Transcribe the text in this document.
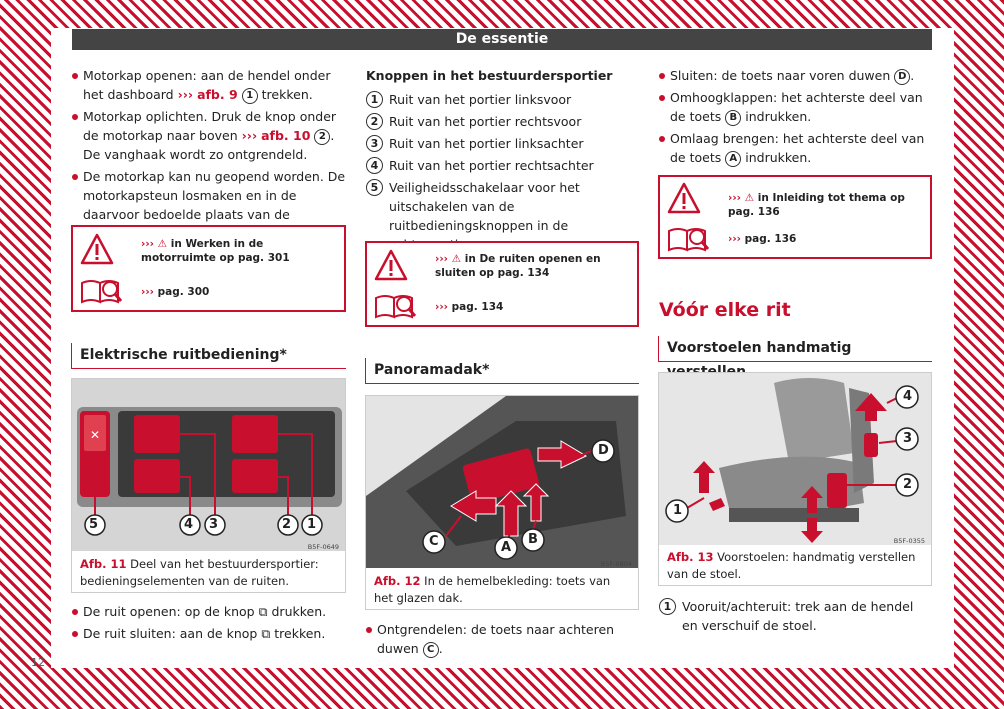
De essentie
Motorkap openen: aan de hendel onder het dashboard ››› afb. 9 1 trekken.
Motorkap oplichten. Druk de knop onder de motorkap naar boven ››› afb. 10 2 . De vanghaak wordt zo ontgrendeld.
De motorkap kan nu geopend worden. De motorkapsteun losmaken en in de daarvoor bedoelde plaats van de
››› ⚠ in Werken in de motorruimte op pag. 301
››› pag. 300
Elektrische ruitbediening*
✕
5	4 3	2 1
B5F-0649
Afb. 11 Deel van het bestuurdersportier: bedieningselementen van de ruiten.
De ruit openen: op de knop ⧉ drukken.
De ruit sluiten: aan de knop ⧉ trekken.
12
Knoppen in het bestuurdersportier
1 Ruit van het portier linksvoor
2 Ruit van het portier rechtsvoor
3 Ruit van het portier linksachter
4 Ruit van het portier rechtsachter
5 Veiligheidsschakelaar voor het uitschakelen van de ruitbedieningsknoppen in de
››› ⚠ in De ruiten openen en sluiten op pag. 134
››› pag. 134
Panoramadak*
A
B
C
D
B5F-0804
Afb. 12 In de hemelbekleding: toets van het glazen dak.
Ontgrendelen: de toets naar achteren duwen C .
Sluiten: de toets naar voren duwen D .
Omhoogklappen: het achterste deel van de toets B indrukken.
Omlaag brengen: het achterste deel van de toets A indrukken.
››› ⚠ in Inleiding tot thema op pag. 136
››› pag. 136
Vóór elke rit
Voorstoelen handmatig
1
2
3
4
B5F-0355
Afb. 13 Voorstoelen: handmatig verstellen van de stoel.
1 Vooruit/achteruit: trek aan de hendel en verschuif de stoel.
